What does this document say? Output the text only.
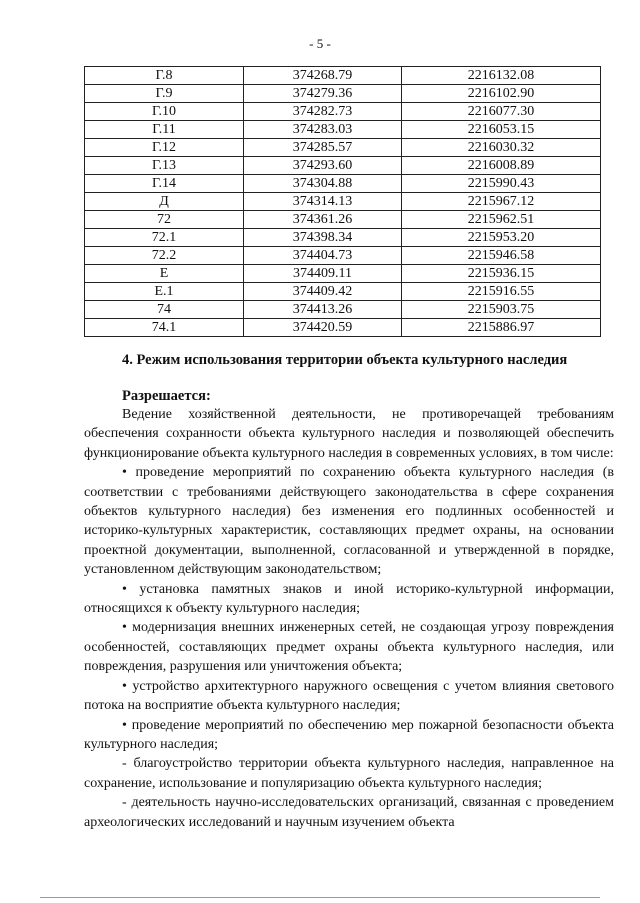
- 5 -
Г.8	374268.79	2216132.08
Г.9	374279.36	2216102.90
Г.10	374282.73	2216077.30
Г.11	374283.03	2216053.15
Г.12	374285.57	2216030.32
Г.13	374293.60	2216008.89
Г.14	374304.88	2215990.43
Д	374314.13	2215967.12
72	374361.26	2215962.51
72.1	374398.34	2215953.20
72.2	374404.73	2215946.58
Е	374409.11	2215936.15
Е.1	374409.42	2215916.55
74	374413.26	2215903.75
74.1	374420.59	2215886.97
4. Режим использования территории объекта культурного наследия
Разрешается:

Ведение хозяйственной деятельности, не противоречащей требованиям обеспечения сохранности объекта культурного наследия и позволяющей обеспечить функционирование объекта культурного наследия в современных условиях, в том числе:

• проведение мероприятий по сохранению объекта культурного наследия (в соответствии с требованиями действующего законодательства в сфере сохранения объектов культурного наследия) без изменения его подлинных особенностей и историко-культурных характеристик, составляющих предмет охраны, на основании проектной документации, выполненной, согласованной и утвержденной в порядке, установленном действующим законодательством;

• установка памятных знаков и иной историко-культурной информации, относящихся к объекту культурного наследия;

• модернизация внешних инженерных сетей, не создающая угрозу повреждения особенностей, составляющих предмет охраны объекта культурного наследия, или повреждения, разрушения или уничтожения объекта;

• устройство архитектурного наружного освещения с учетом влияния светового потока на восприятие объекта культурного наследия;

• проведение мероприятий по обеспечению мер пожарной безопасности объекта культурного наследия;

- благоустройство территории объекта культурного наследия, направленное на сохранение, использование и популяризацию объекта культурного наследия;

- деятельность научно-исследовательских организаций, связанная с проведением археологических исследований и научным изучением объекта
